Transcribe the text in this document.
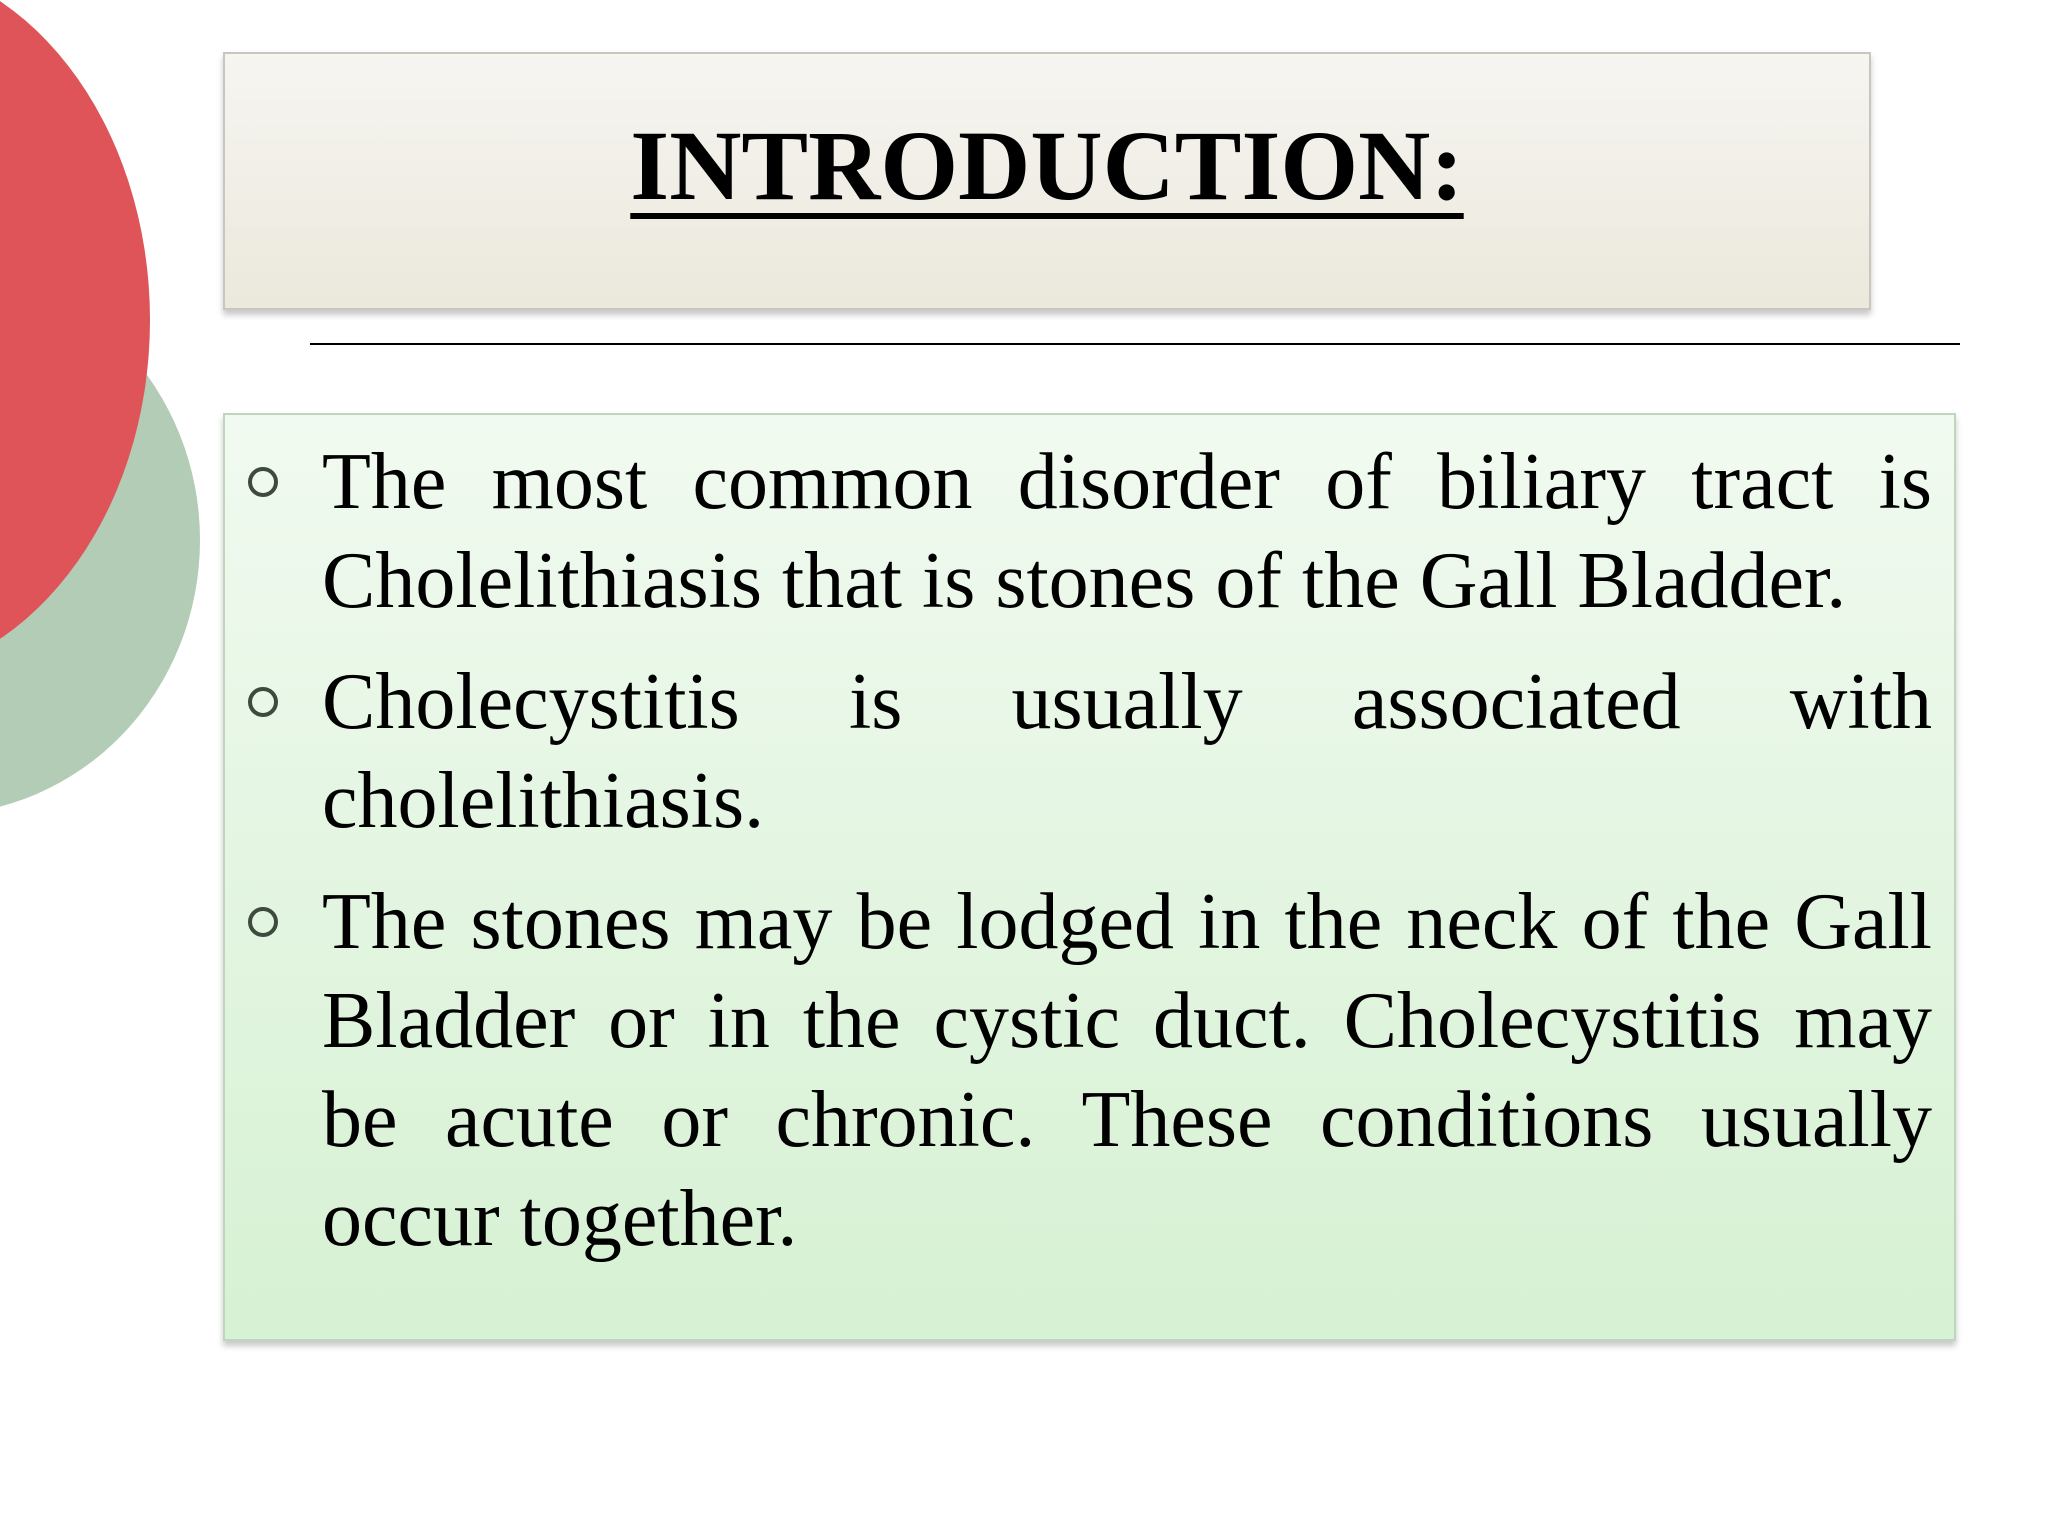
INTRODUCTION:
The most common disorder of biliary tract is Cholelithiasis that is stones of the Gall Bladder.
Cholecystitis is usually associated with cholelithiasis.
The stones may be lodged in the neck of the Gall Bladder or in the cystic duct. Cholecystitis may be acute or chronic. These conditions usually occur together.
